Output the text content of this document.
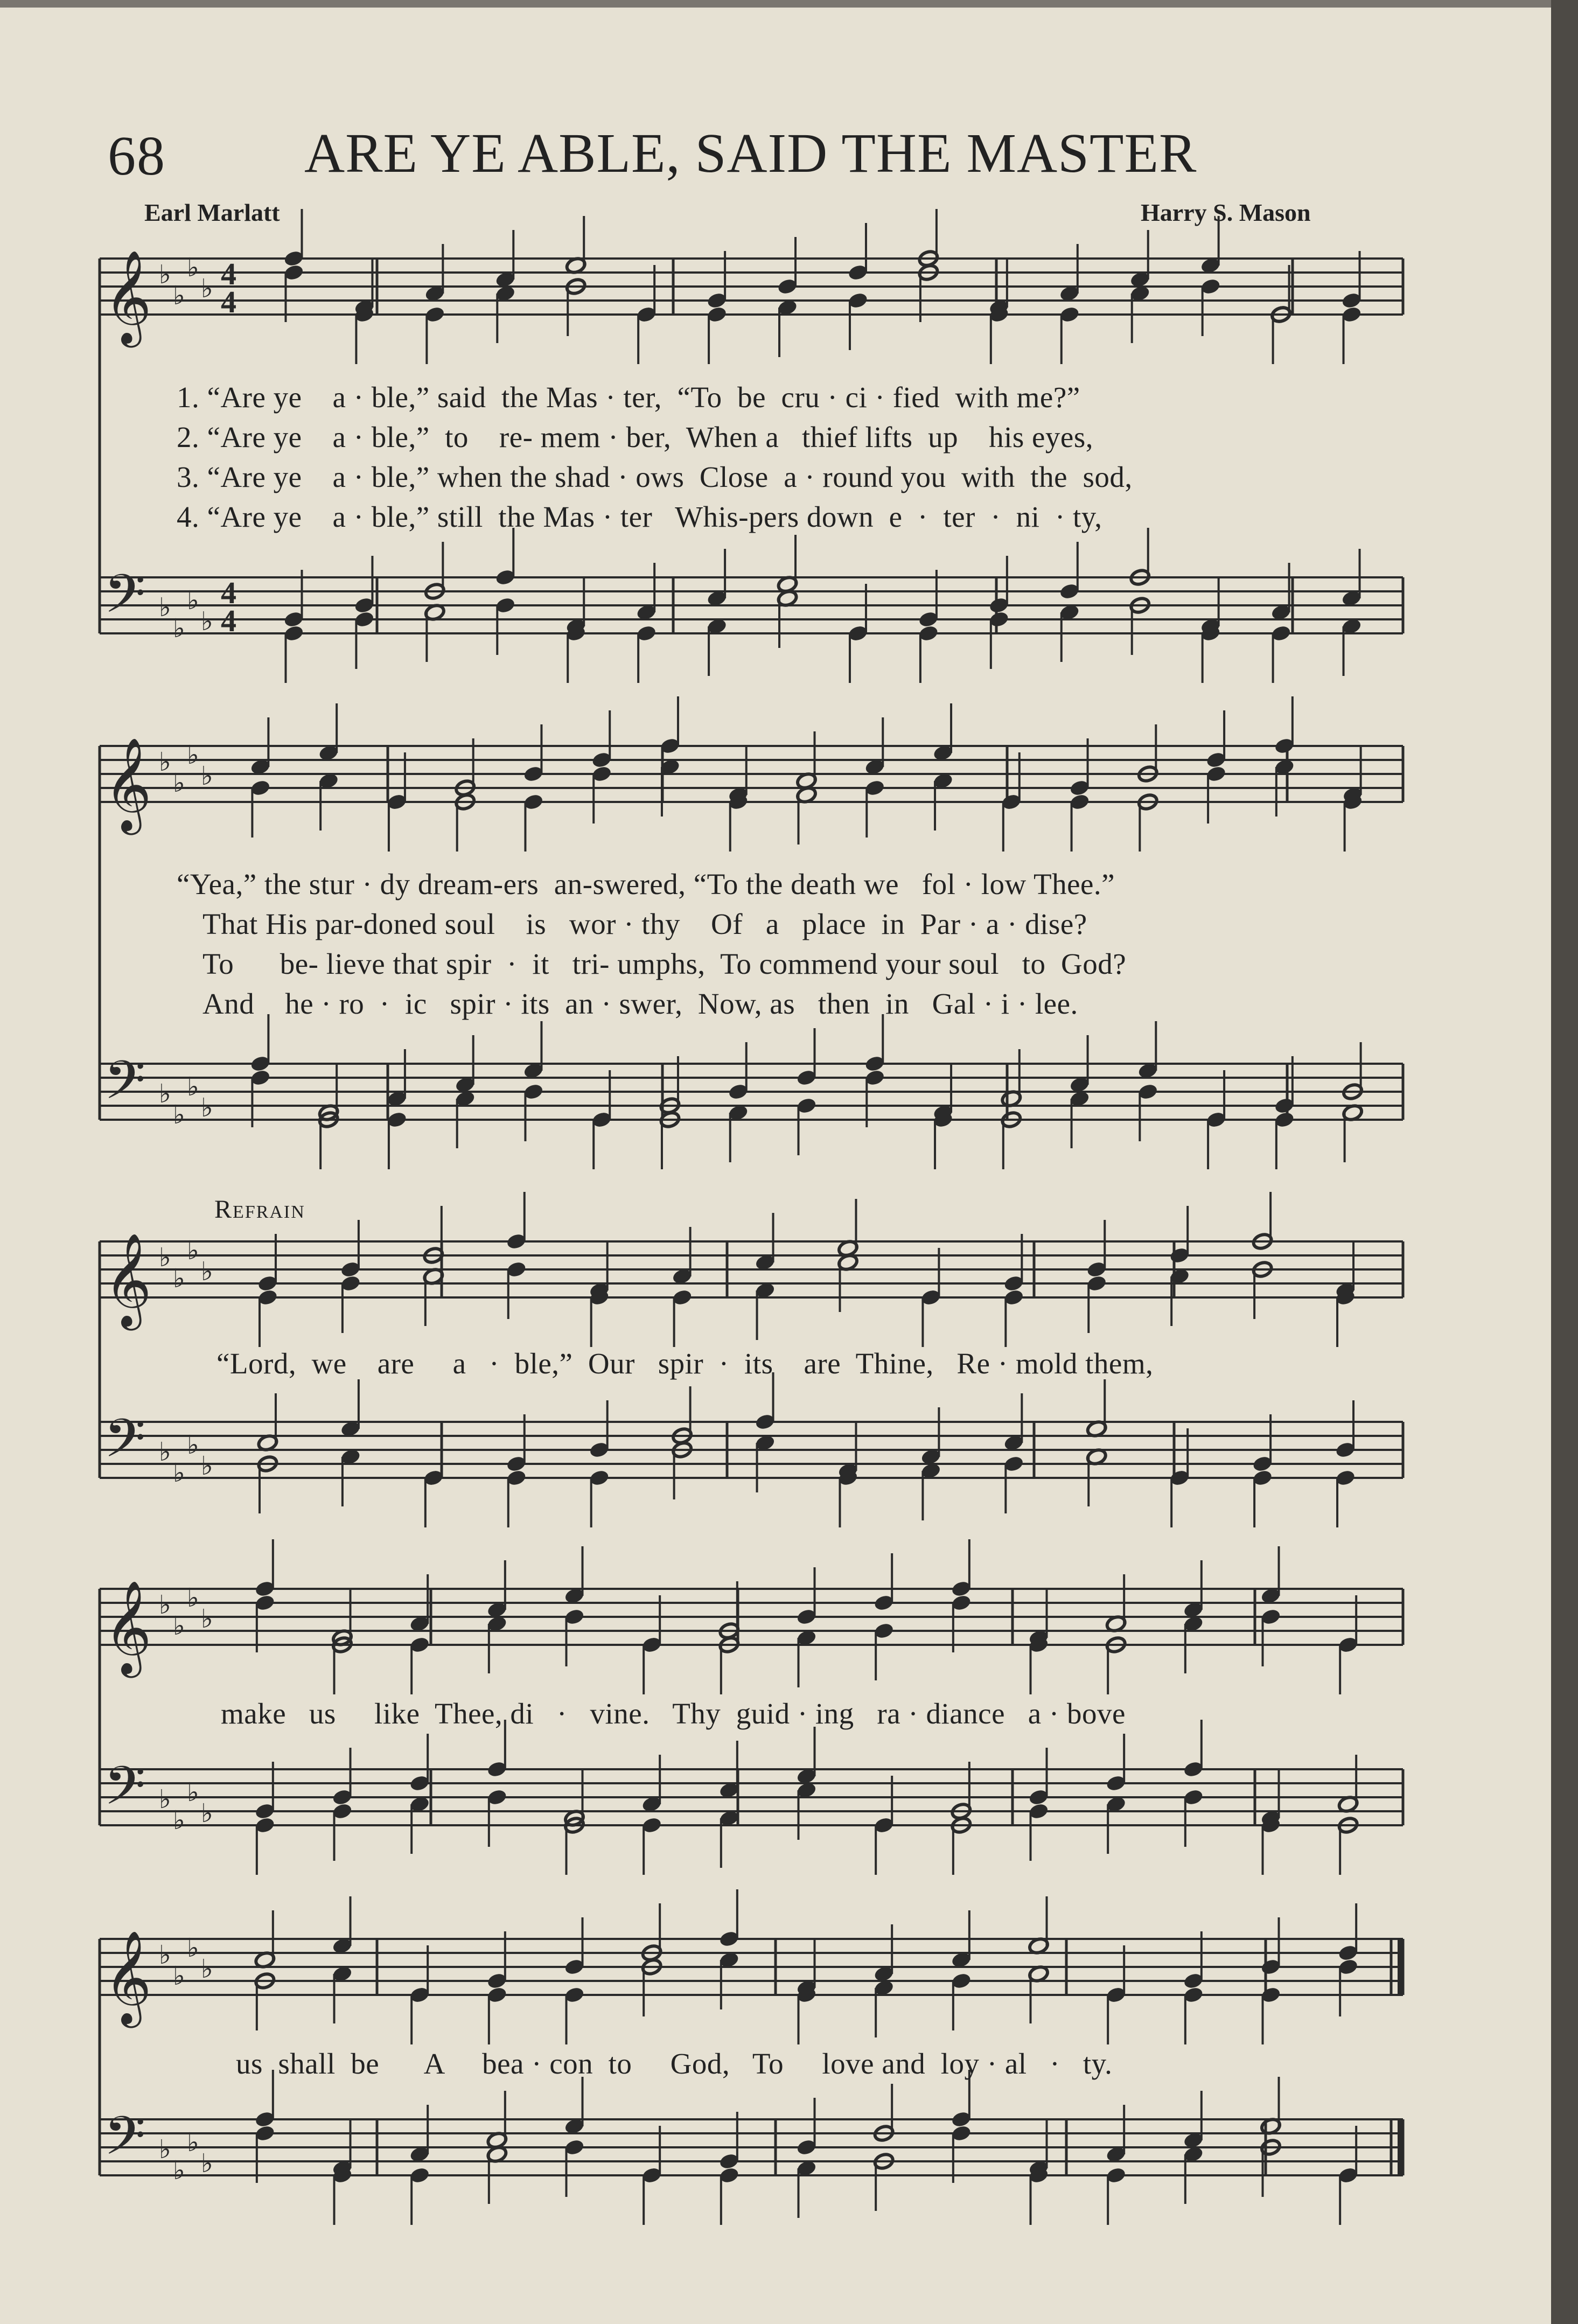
68 ARE YE ABLE, SAID THE MASTER
Earl Marlatt	Harry S. Mason
𝄞 ♭
♭
♭
♭ 4
4
𝄢 ♭
♭
♭
♭
4
4
𝄞 ♭
♭
♭
♭
𝄢 ♭
♭
♭
♭
𝄞 ♭
♭
♭
♭
𝄢 ♭
♭
♭
♭
𝄞 ♭
♭
♭
♭
𝄢 ♭
♭
♭
♭
𝄞 ♭
♭
♭
♭
𝄢 ♭
♭
♭
♭
1. “Are ye    a · ble,” said  the Mas · ter,  “To  be  cru · ci · fied  with me?”
2. “Are ye    a · ble,”  to    re- mem · ber,  When a   thief lifts  up    his eyes,
3. “Are ye    a · ble,” when the shad · ows  Close  a · round you  with  the  sod,
4. “Are ye    a · ble,” still  the Mas · ter   Whis-pers down  e  ·  ter  ·  ni  · ty,
“Yea,” the stur · dy dream-ers  an-swered, “To the death we   fol · low Thee.”
That His par-doned soul    is   wor · thy    Of   a   place  in  Par · a · dise?
To      be- lieve that spir  ·  it   tri- umphs,  To commend your soul   to  God?
And    he · ro  ·  ic   spir · its  an · swer,  Now, as   then  in   Gal · i · lee.
Refrain
“Lord,  we    are     a   ·  ble,”  Our   spir  ·  its    are  Thine,   Re · mold them,
make   us     like  Thee, di   ·   vine.   Thy  guid · ing   ra · diance   a · bove
us  shall  be      A     bea · con  to     God,   To     love and  loy · al   ·   ty.
